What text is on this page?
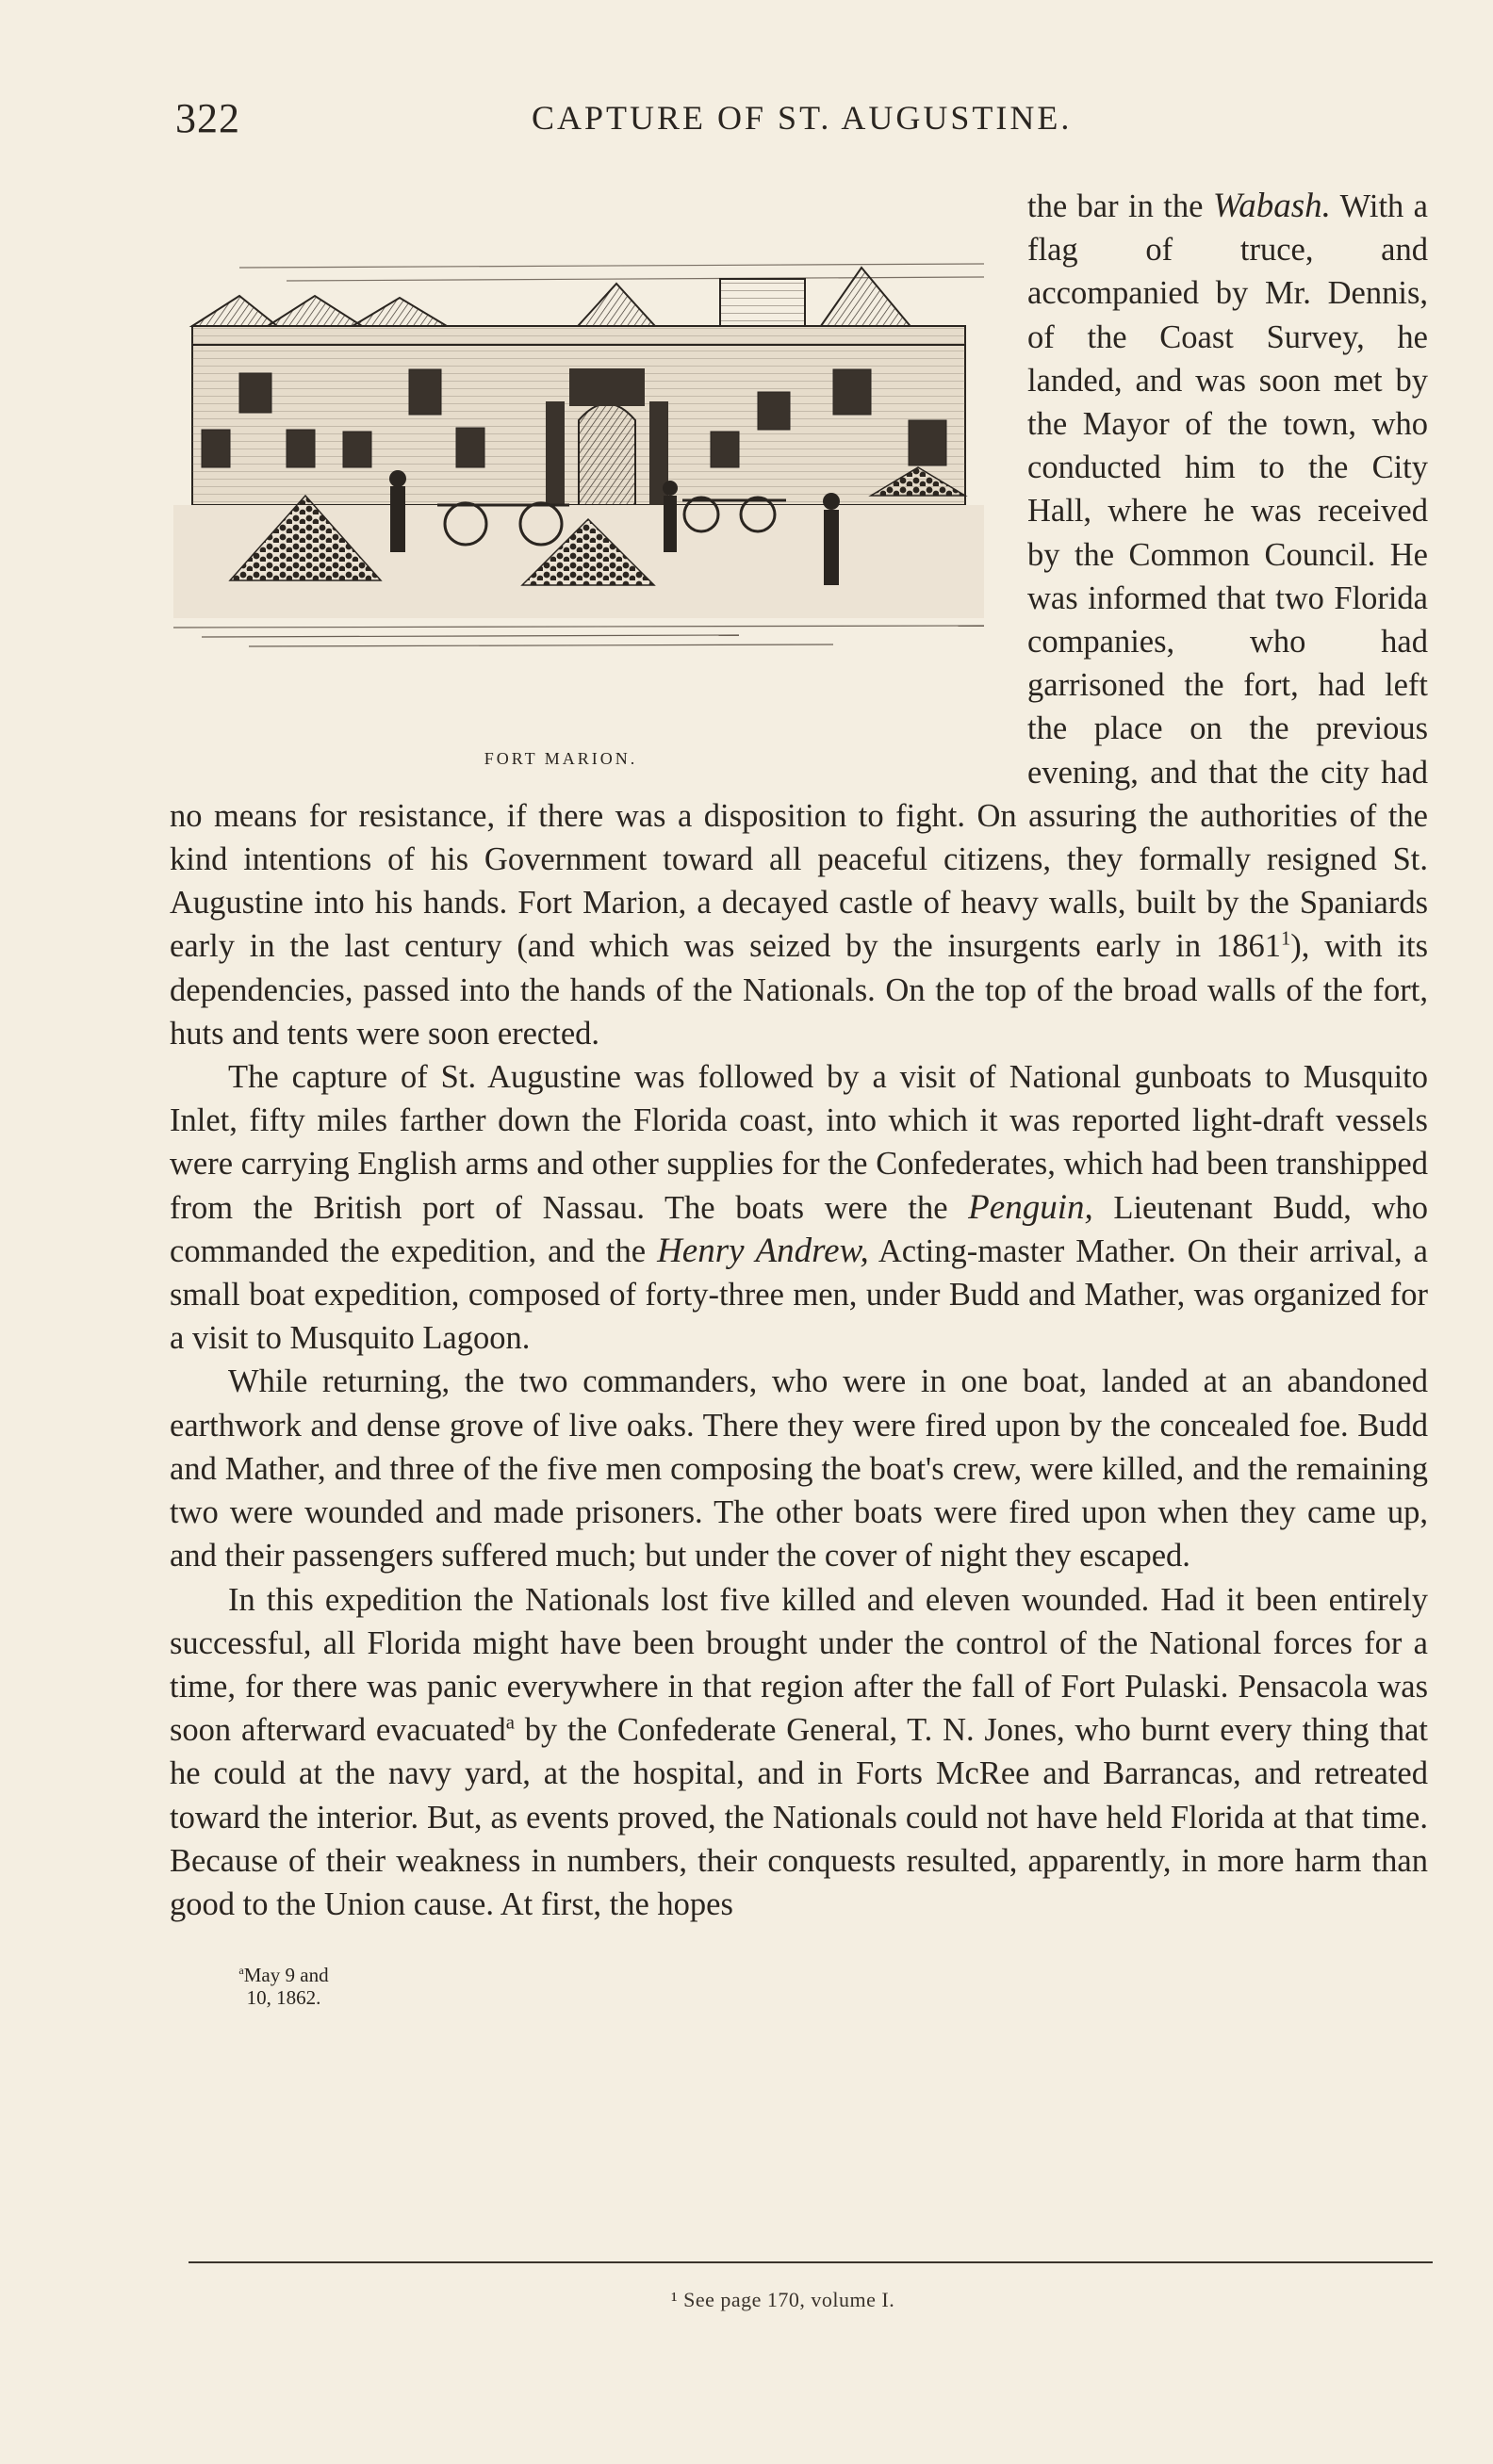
322	CAPTURE OF ST. AUGUSTINE.

the bar in the Wabash.
FORT MARION.
With a flag of truce, and accompanied by Mr. Dennis, of the Coast Survey, he landed, and was soon met by the Mayor of the town, who conducted him to the City Hall, where he was received by the Common Council. He was informed that two Florida companies, who had garrisoned the fort, had left the place on the previous evening, and that the city had no means for resistance, if there was a disposition to fight. On assuring the authorities of the kind intentions of his Government toward all peaceful citizens, they formally resigned St. Augustine into his hands. Fort Marion, a decayed castle of heavy walls, built by the Spaniards early in the last century (and which was seized by the insurgents early in 1861$^1$), with its dependencies, passed into the hands of the Nationals. On the top of the broad walls of the fort, huts and tents were soon erected.

The capture of St. Augustine was followed by a visit of National gunboats to Musquito Inlet, fifty miles farther down the Florida coast, into which it was reported light-draft vessels were carrying English arms and other supplies for the Confederates, which had been transhipped from the British port of Nassau. The boats were the Penguin, Lieutenant Budd, who commanded the expedition, and the Henry Andrew, Acting-master Mather. On their arrival, a small boat expedition, composed of forty-three men, under Budd and Mather, was organized for a visit to Musquito Lagoon.

While returning, the two commanders, who were in one boat, landed at an abandoned earthwork and dense grove of live oaks. There they were fired upon by the concealed foe. Budd and Mather, and three of the five men composing the boat's crew, were killed, and the remaining two were wounded and made prisoners. The other boats were fired upon when they came up, and their passengers suffered much; but under the cover of night they escaped.

In this expedition the Nationals lost five killed and eleven wounded. Had it been entirely successful, all Florida might have been brought under the control of the National forces for a time, for there was panic everywhere in that region after the fall of Fort Pulaski. Pensacola was soon afterward evacuated$^a$ by the Confederate General, T. N. Jones, who burnt every thing that he could at the navy yard, at the hospital, and in Forts McRee and Barrancas, and retreated toward the interior. But, as events proved, the Nationals could not have held Florida at that time. Because of their weakness in numbers, their conquests resulted, apparently, in more harm than good to the Union cause. At first, the hopes

$^a$May 9 and
10, 1862.
¹ See page 170, volume I.
